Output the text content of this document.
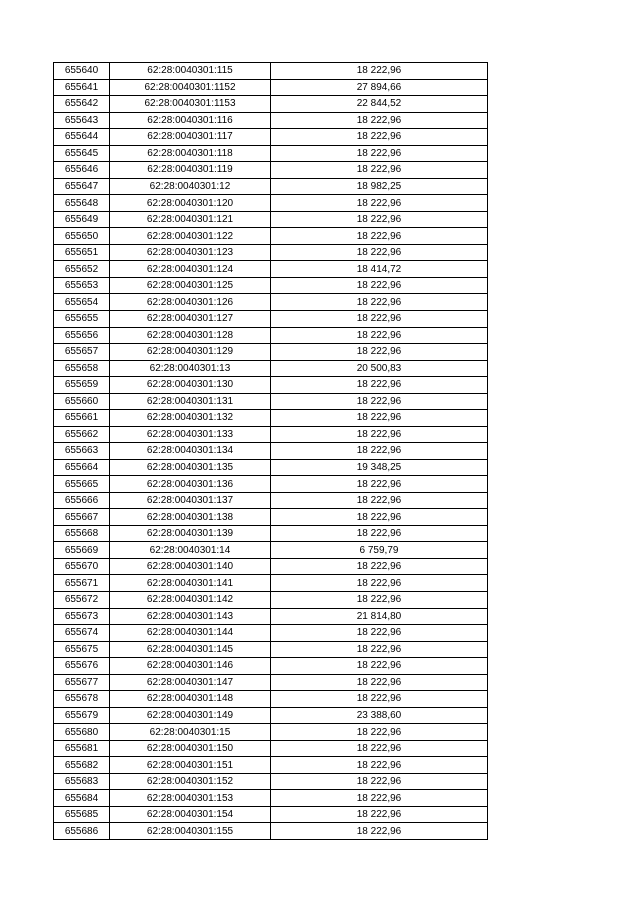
655640	62:28:0040301:115	18 222,96
655641	62:28:0040301:1152	27 894,66
655642	62:28:0040301:1153	22 844,52
655643	62:28:0040301:116	18 222,96
655644	62:28:0040301:117	18 222,96
655645	62:28:0040301:118	18 222,96
655646	62:28:0040301:119	18 222,96
655647	62:28:0040301:12	18 982,25
655648	62:28:0040301:120	18 222,96
655649	62:28:0040301:121	18 222,96
655650	62:28:0040301:122	18 222,96
655651	62:28:0040301:123	18 222,96
655652	62:28:0040301:124	18 414,72
655653	62:28:0040301:125	18 222,96
655654	62:28:0040301:126	18 222,96
655655	62:28:0040301:127	18 222,96
655656	62:28:0040301:128	18 222,96
655657	62:28:0040301:129	18 222,96
655658	62:28:0040301:13	20 500,83
655659	62:28:0040301:130	18 222,96
655660	62:28:0040301:131	18 222,96
655661	62:28:0040301:132	18 222,96
655662	62:28:0040301:133	18 222,96
655663	62:28:0040301:134	18 222,96
655664	62:28:0040301:135	19 348,25
655665	62:28:0040301:136	18 222,96
655666	62:28:0040301:137	18 222,96
655667	62:28:0040301:138	18 222,96
655668	62:28:0040301:139	18 222,96
655669	62:28:0040301:14	6 759,79
655670	62:28:0040301:140	18 222,96
655671	62:28:0040301:141	18 222,96
655672	62:28:0040301:142	18 222,96
655673	62:28:0040301:143	21 814,80
655674	62:28:0040301:144	18 222,96
655675	62:28:0040301:145	18 222,96
655676	62:28:0040301:146	18 222,96
655677	62:28:0040301:147	18 222,96
655678	62:28:0040301:148	18 222,96
655679	62:28:0040301:149	23 388,60
655680	62:28:0040301:15	18 222,96
655681	62:28:0040301:150	18 222,96
655682	62:28:0040301:151	18 222,96
655683	62:28:0040301:152	18 222,96
655684	62:28:0040301:153	18 222,96
655685	62:28:0040301:154	18 222,96
655686	62:28:0040301:155	18 222,96
